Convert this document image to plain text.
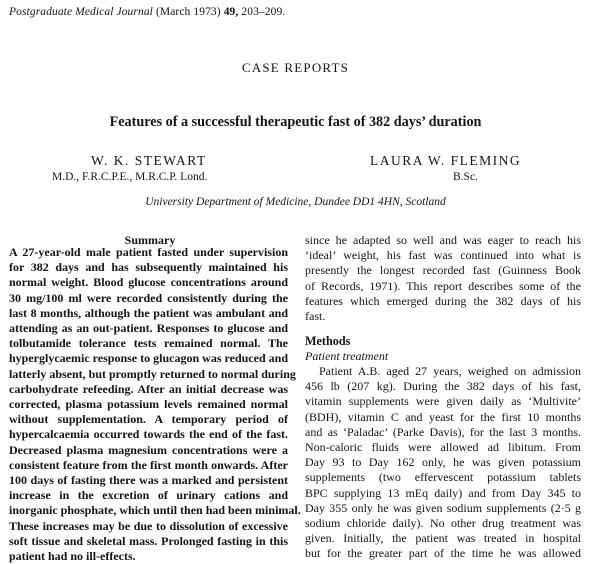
Postgraduate Medical Journal (March 1973) 49, 203–209.
CASE REPORTS
Features of a successful therapeutic fast of 382 days’ duration
W. K. STEWART
M.D., F.R.C.P.E., M.R.C.P. Lond.
LAURA W. FLEMING
B.Sc.
University Department of Medicine, Dundee DD1 4HN, Scotland
Summary
A 27-year-old male patient fasted under supervision
for 382 days and has subsequently maintained his
normal weight. Blood glucose concentrations around
30 mg/100 ml were recorded consistently during the
last 8 months, although the patient was ambulant and
attending as an out-patient. Responses to glucose and
tolbutamide tolerance tests remained normal. The
hyperglycaemic response to glucagon was reduced and
latterly absent, but promptly returned to normal during
carbohydrate refeeding. After an initial decrease was
corrected, plasma potassium levels remained normal
without supplementation. A temporary period of
hypercalcaemia occurred towards the end of the fast.
Decreased plasma magnesium concentrations were a
consistent feature from the first month onwards. After
100 days of fasting there was a marked and persistent
increase in the excretion of urinary cations and
inorganic phosphate, which until then had been minimal.
These increases may be due to dissolution of excessive
soft tissue and skeletal mass. Prolonged fasting in this
patient had no ill-effects.
since he adapted so well and was eager to reach his
‘ideal’ weight, his fast was continued into what is
presently the longest recorded fast (Guinness Book
of Records, 1971). This report describes some of the
features which emerged during the 382 days of his
fast.
Methods
Patient treatment
Patient A.B. aged 27 years, weighed on admission
456 lb (207 kg). During the 382 days of his fast,
vitamin supplements were given daily as ‘Multivite’
(BDH), vitamin C and yeast for the first 10 months
and as ‘Paladac’ (Parke Davis), for the last 3 months.
Non-caloric fluids were allowed ad libitum. From
Day 93 to Day 162 only, he was given potassium
supplements (two effervescent potassium tablets
BPC supplying 13 mEq daily) and from Day 345 to
Day 355 only he was given sodium supplements (2·5 g
sodium chloride daily). No other drug treatment was
given. Initially, the patient was treated in hospital
but for the greater part of the time he was allowed
